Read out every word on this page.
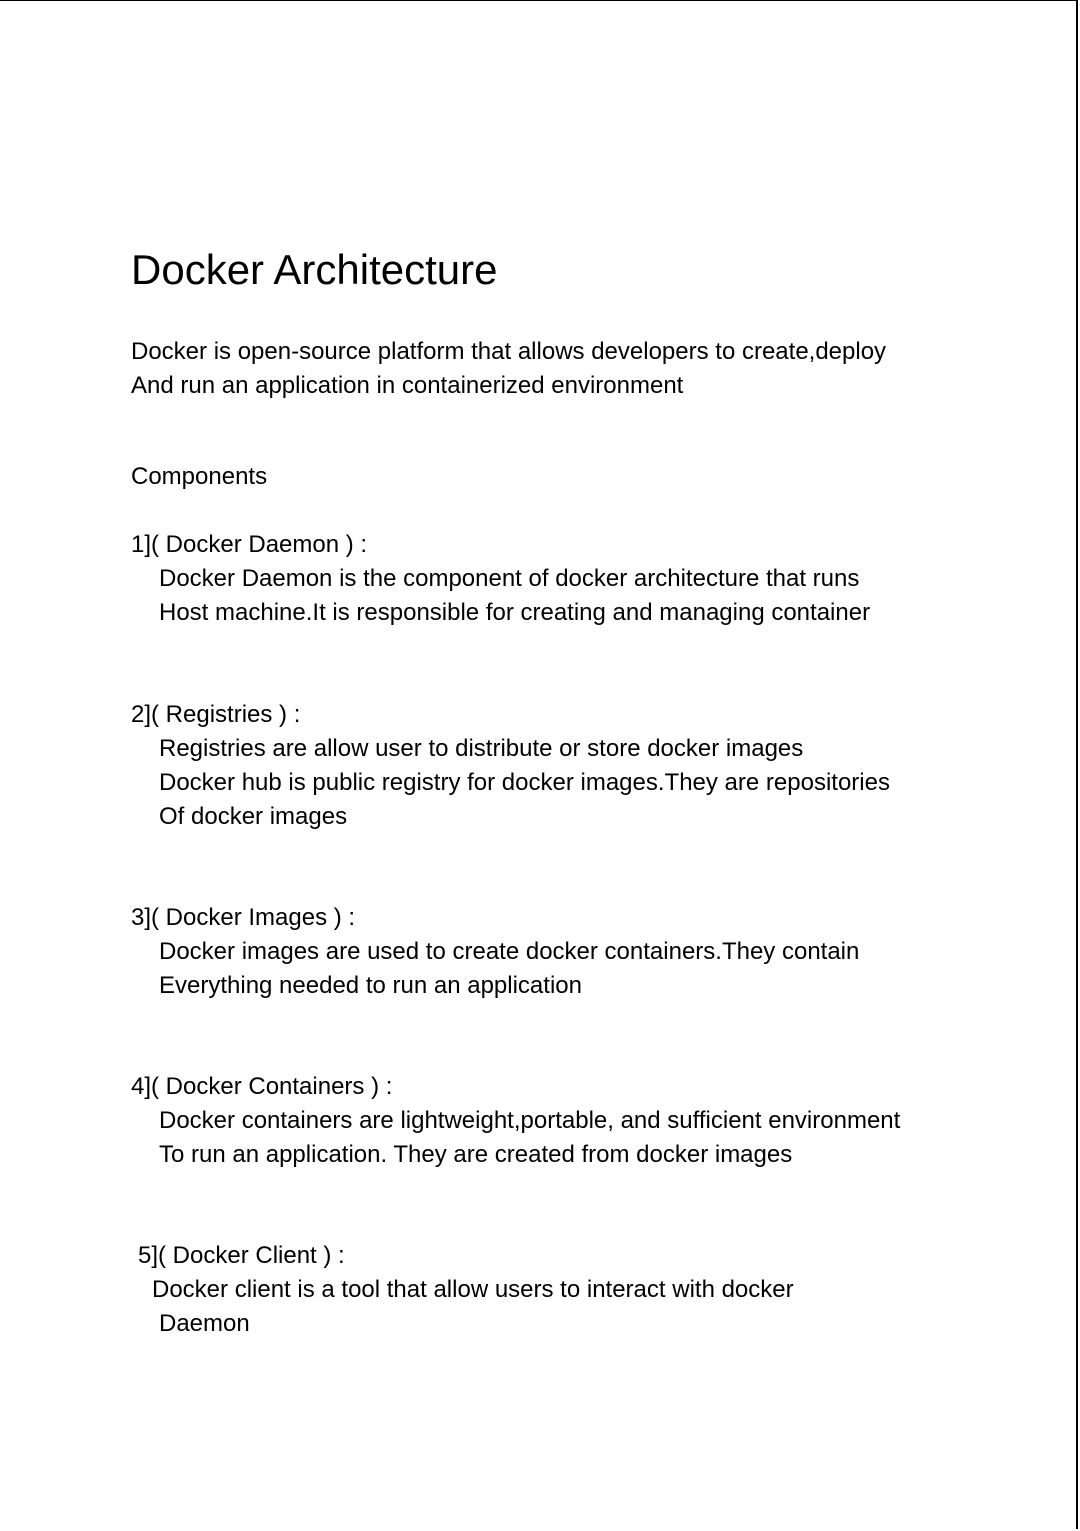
Docker Architecture

Docker is open-source platform that allows developers to create,deploy

And run an application in containerized environment

Components

1]( Docker Daemon ) :

Docker Daemon is the component of docker architecture that runs

Host machine.It is responsible for creating and managing container

2]( Registries ) :

Registries are allow user to distribute or store docker images

Docker hub is public registry for docker images.They are repositories

Of docker images

3]( Docker Images ) :

Docker images are used to create docker containers.They contain

Everything needed to run an application

4]( Docker Containers ) :

Docker containers are lightweight,portable, and sufficient environment

To run an application. They are created from docker images

5]( Docker Client ) :

Docker client is a tool that allow users to interact with docker

Daemon
